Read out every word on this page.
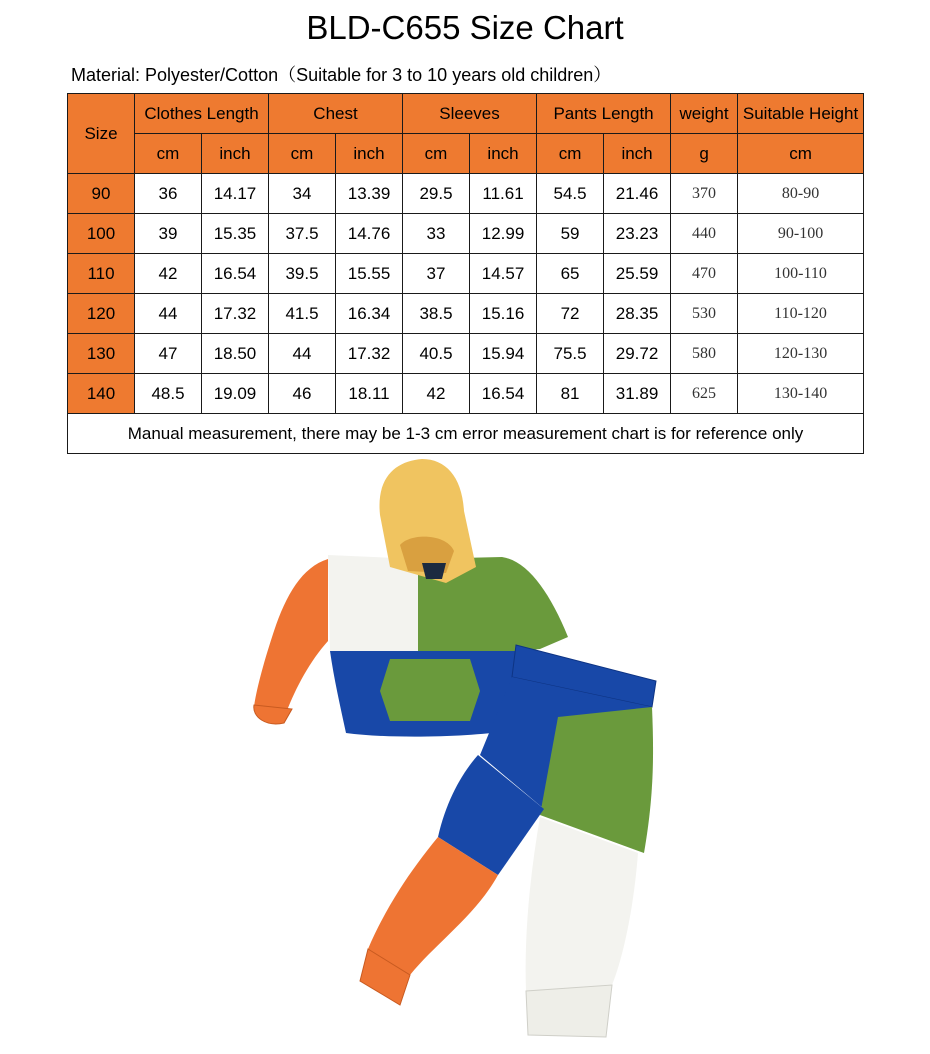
BLD-C655 Size Chart
Material: Polyester/Cotton（Suitable for 3 to 10 years old children）
Size	Clothes Length		Chest		Sleeves		Pants Length		weight	Suitable Height
	cm	inch	cm	inch	cm	inch	cm	inch	g	cm
90	36	14.17	34	13.39	29.5	11.61	54.5	21.46	370	80-90
100	39	15.35	37.5	14.76	33	12.99	59	23.23	440	90-100
110	42	16.54	39.5	15.55	37	14.57	65	25.59	470	100-110
120	44	17.32	41.5	16.34	38.5	15.16	72	28.35	530	110-120
130	47	18.50	44	17.32	40.5	15.94	75.5	29.72	580	120-130
140	48.5	19.09	46	18.11	42	16.54	81	31.89	625	130-140
Manual measurement, there may be 1-3 cm error measurement chart is for reference only										
